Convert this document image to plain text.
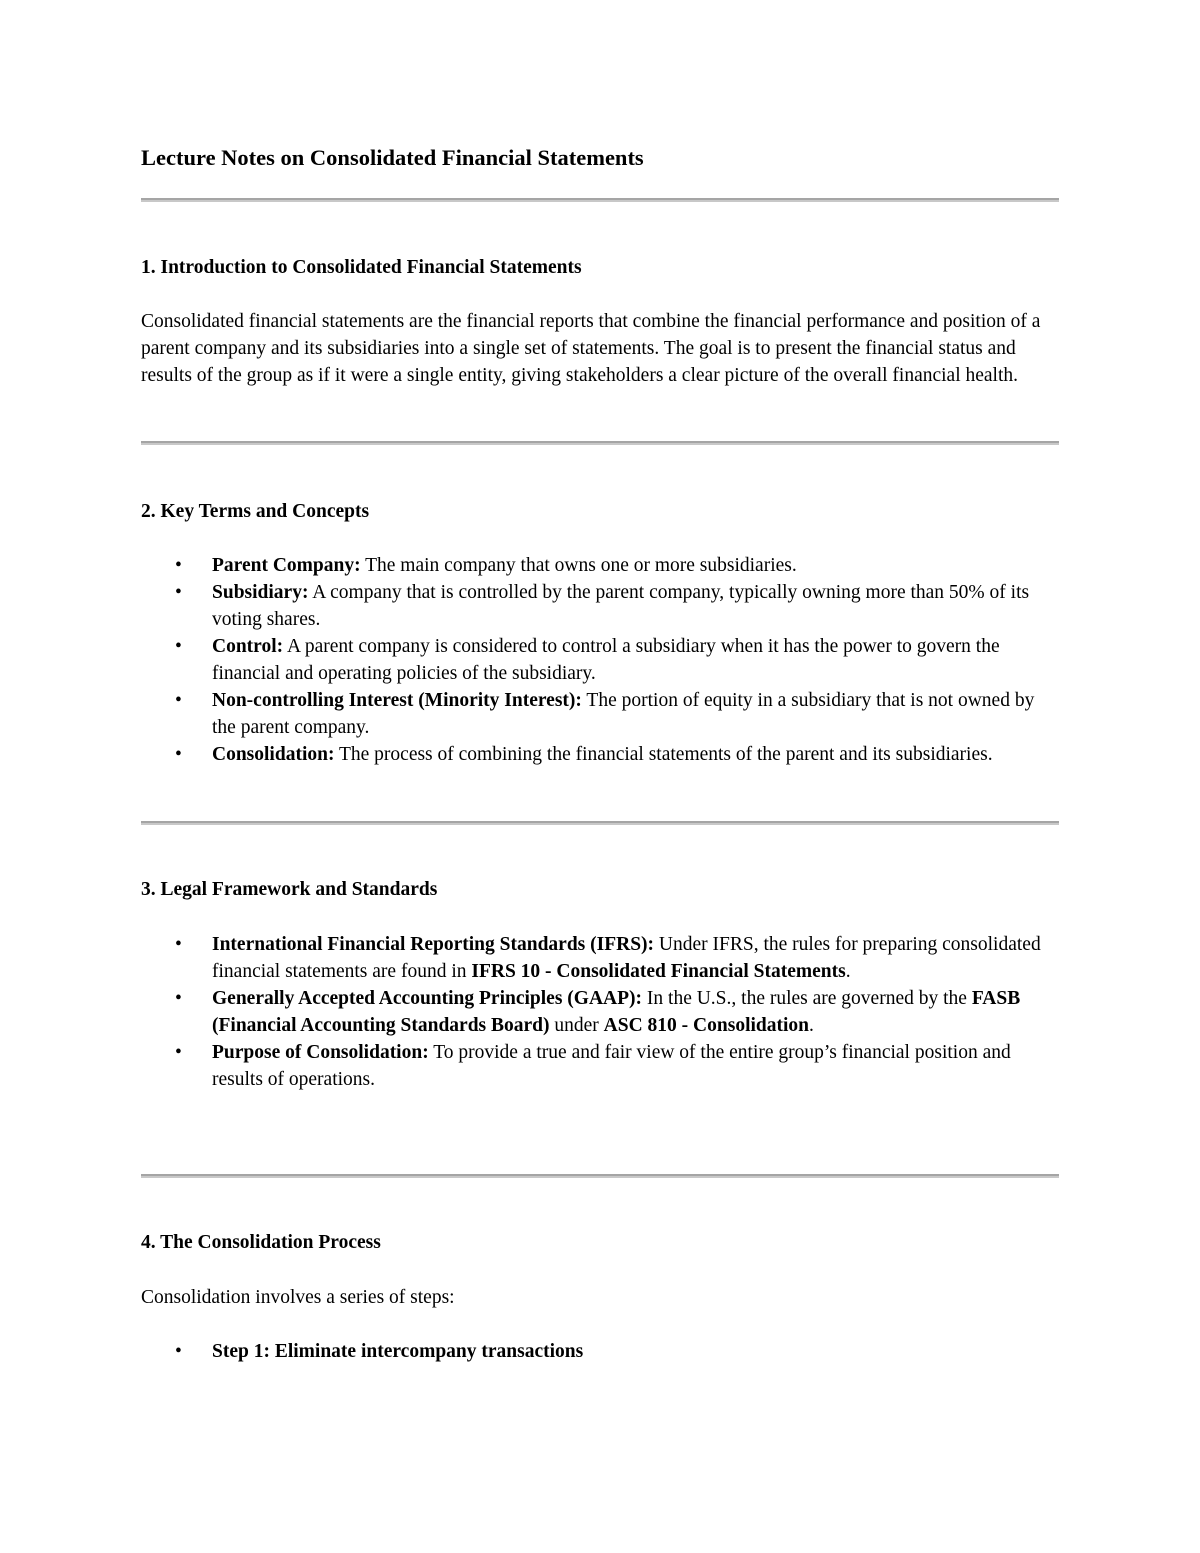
Lecture Notes on Consolidated Financial Statements
1. Introduction to Consolidated Financial Statements

Consolidated financial statements are the financial reports that combine the financial performance and position of a parent company and its subsidiaries into a single set of statements. The goal is to present the financial status and results of the group as if it were a single entity, giving stakeholders a clear picture of the overall financial health.

2. Key Terms and Concepts
• Parent Company: The main company that owns one or more subsidiaries.
• Subsidiary: A company that is controlled by the parent company, typically owning more than 50% of its voting shares.
• Control: A parent company is considered to control a subsidiary when it has the power to govern the financial and operating policies of the subsidiary.
• Non-controlling Interest (Minority Interest): The portion of equity in a subsidiary that is not owned by the parent company.
• Consolidation: The process of combining the financial statements of the parent and its subsidiaries.
3. Legal Framework and Standards
• International Financial Reporting Standards (IFRS): Under IFRS, the rules for preparing consolidated financial statements are found in IFRS 10 - Consolidated Financial Statements.
• Generally Accepted Accounting Principles (GAAP): In the U.S., the rules are governed by the FASB (Financial Accounting Standards Board) under ASC 810 - Consolidation.
• Purpose of Consolidation: To provide a true and fair view of the entire group’s financial position and results of operations.
4. The Consolidation Process

Consolidation involves a series of steps:

• Step 1: Eliminate intercompany transactions
